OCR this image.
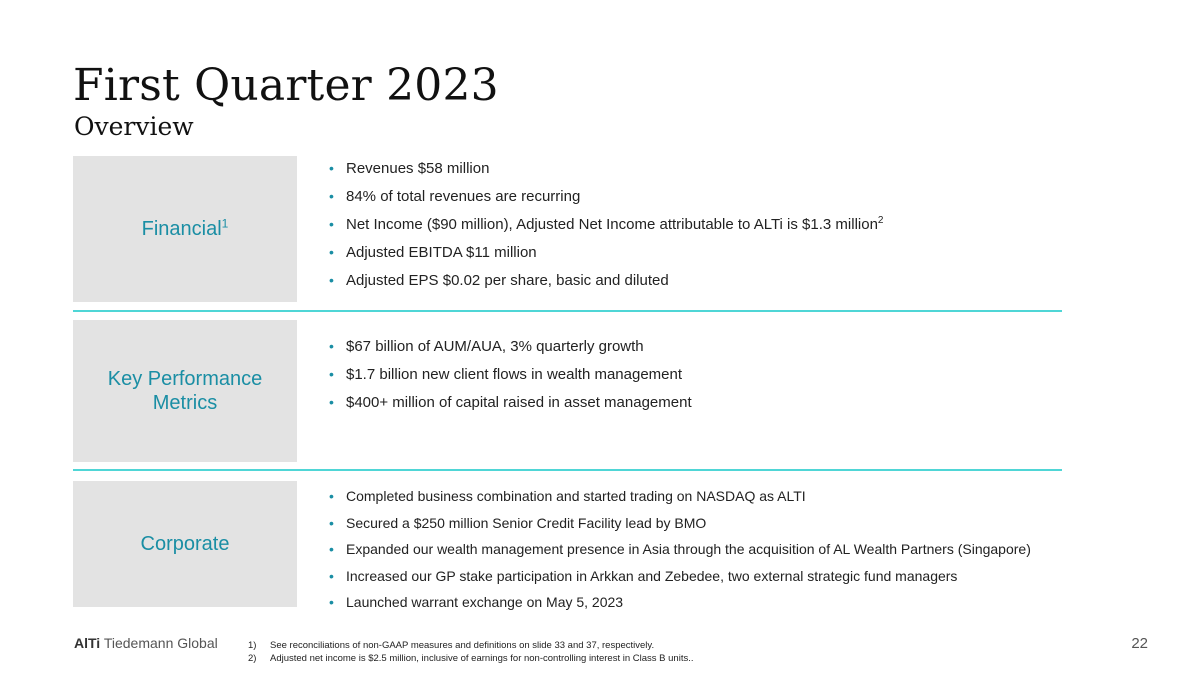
First Quarter 2023
Overview
Financial$^1$
• Revenues $58 million
• 84% of total revenues are recurring
• Net Income ($90 million), Adjusted Net Income attributable to ALTi is $1.3 million$^2$
• Adjusted EBITDA $11 million
• Adjusted EPS $0.02 per share, basic and diluted
Key Performance
Metrics
• $67 billion of AUM/AUA, 3% quarterly growth
• $1.7 billion new client flows in wealth management
• $400+ million of capital raised in asset management
Corporate
• Completed business combination and started trading on NASDAQ as ALTI
• Secured a $250 million Senior Credit Facility lead by BMO
• Expanded our wealth management presence in Asia through the acquisition of AL Wealth Partners (Singapore)
• Increased our GP stake participation in Arkkan and Zebedee, two external strategic fund managers
• Launched warrant exchange on May 5, 2023
AlTi Tiedemann Global	1) See reconciliations of non-GAAP measures and definitions on slide 33 and 37, respectively.
2) Adjusted net income is $2.5 million, inclusive of earnings for non-controlling interest in Class B units..
22
